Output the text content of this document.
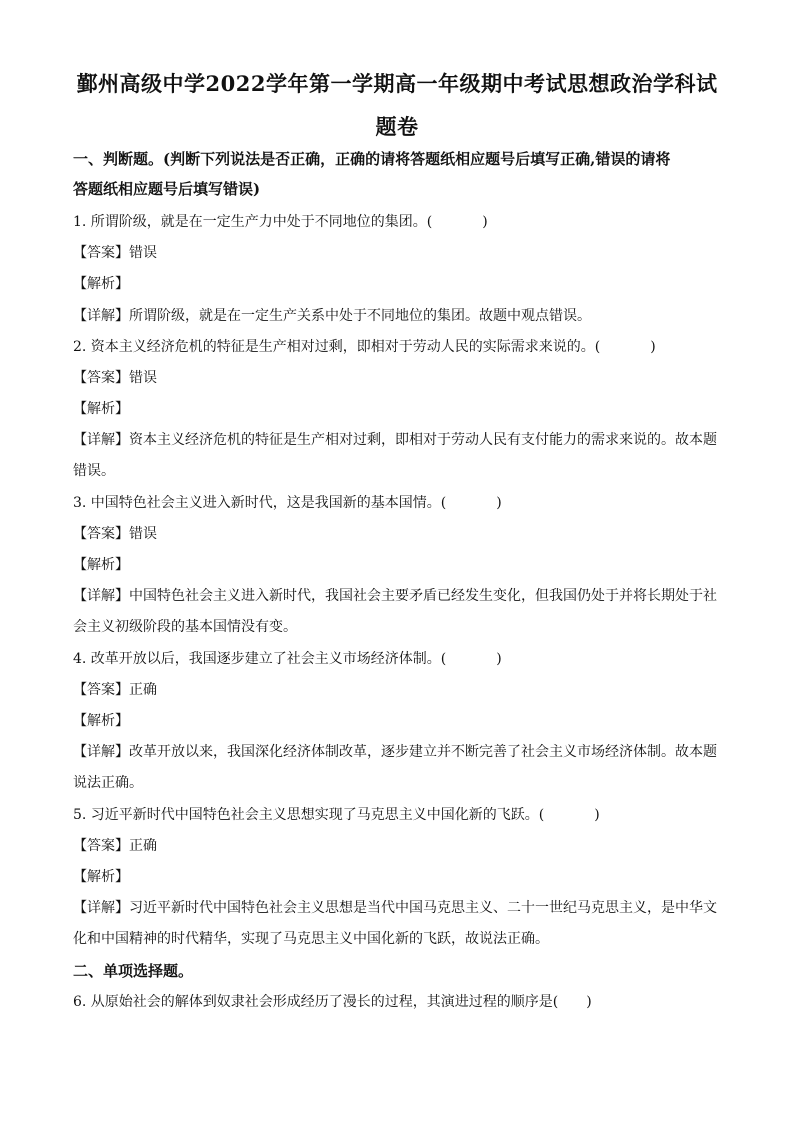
鄞州高级中学2022学年第一学期高一年级期中考试思想政治学科试
题卷
一、判断题。(判断下列说法是否正确，正确的请将答题纸相应题号后填写正确,错误的请将
答题纸相应题号后填写错误)
1. 所谓阶级，就是在一定生产力中处于不同地位的集团。(	)
【答案】错误
【解析】
【详解】所谓阶级，就是在一定生产关系中处于不同地位的集团。故题中观点错误。
2. 资本主义经济危机的特征是生产相对过剩，即相对于劳动人民的实际需求来说的。(	)
【答案】错误
【解析】
【详解】资本主义经济危机的特征是生产相对过剩，即相对于劳动人民有支付能力的需求来说的。故本题
错误。
3. 中国特色社会主义进入新时代，这是我国新的基本国情。(	)
【答案】错误
【解析】
【详解】中国特色社会主义进入新时代，我国社会主要矛盾已经发生变化，但我国仍处于并将长期处于社
会主义初级阶段的基本国情没有变。
4. 改革开放以后，我国逐步建立了社会主义市场经济体制。(	)
【答案】正确
【解析】
【详解】改革开放以来，我国深化经济体制改革，逐步建立并不断完善了社会主义市场经济体制。故本题
说法正确。
5. 习近平新时代中国特色社会主义思想实现了马克思主义中国化新的飞跃。(	)
【答案】正确
【解析】
【详解】习近平新时代中国特色社会主义思想是当代中国马克思主义、二十一世纪马克思主义，是中华文
化和中国精神的时代精华，实现了马克思主义中国化新的飞跃，故说法正确。
二、单项选择题。
6. 从原始社会的解体到奴隶社会形成经历了漫长的过程，其演进过程的顺序是( )
